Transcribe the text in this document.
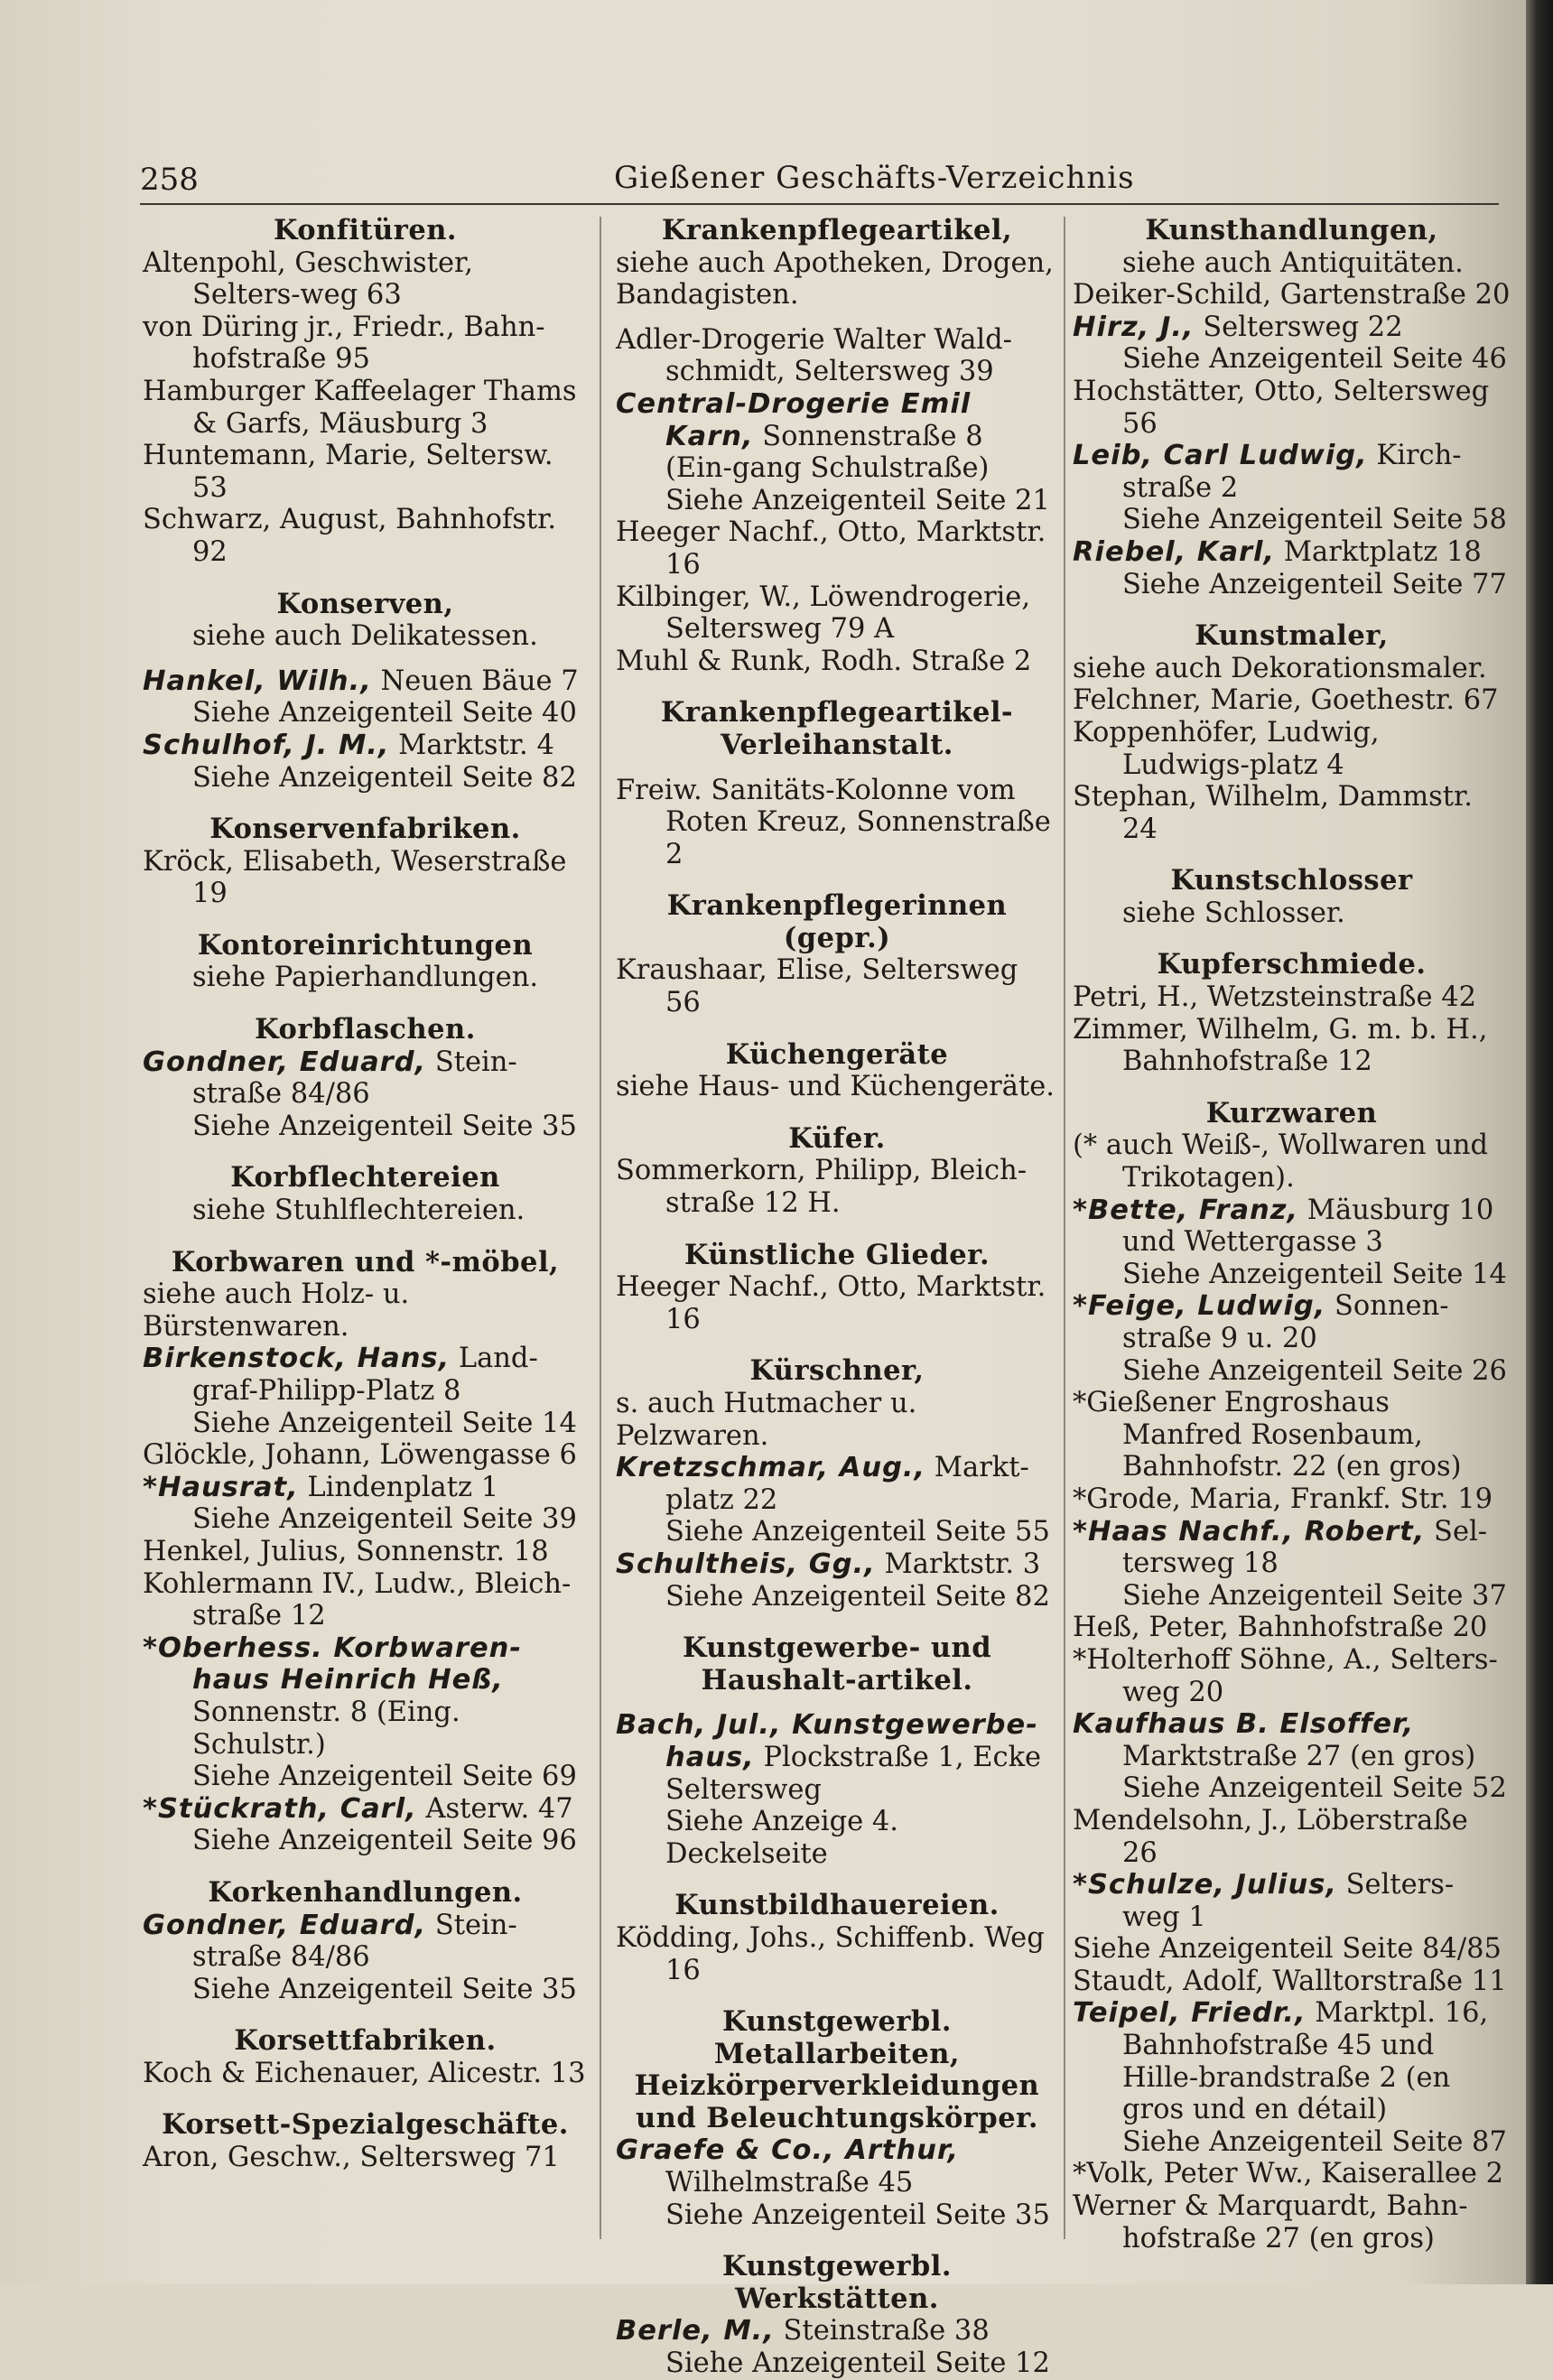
258	Gießener Geschäfts-Verzeichnis
Konfitüren.
Altenpohl, Geschwister, Selters-weg 63
von Düring jr., Friedr., Bahn-hofstraße 95
Hamburger Kaffeelager Thams & Garfs, Mäusburg 3
Huntemann, Marie, Seltersw. 53
Schwarz, August, Bahnhofstr. 92
Konserven,
siehe auch Delikatessen.
Hankel, Wilh., Neuen Bäue 7
Siehe Anzeigenteil Seite 40
Schulhof, J. M., Marktstr. 4
Siehe Anzeigenteil Seite 82
Konservenfabriken.
Kröck, Elisabeth, Weserstraße 19
Kontoreinrichtungen
siehe Papierhandlungen.
Korbflaschen.
Gondner, Eduard, Stein-straße 84/86
Siehe Anzeigenteil Seite 35
Korbflechtereien
siehe Stuhlflechtereien.
Korbwaren und *-möbel,
siehe auch Holz- u. Bürstenwaren.
Birkenstock, Hans, Land-graf-Philipp-Platz 8
Siehe Anzeigenteil Seite 14
Glöckle, Johann, Löwengasse 6
*Hausrat, Lindenplatz 1
Siehe Anzeigenteil Seite 39
Henkel, Julius, Sonnenstr. 18
Kohlermann IV., Ludw., Bleich-straße 12
*Oberhess. Korbwaren-haus Heinrich Heß, Sonnenstr. 8 (Eing. Schulstr.)
Siehe Anzeigenteil Seite 69
*Stückrath, Carl, Asterw. 47
Siehe Anzeigenteil Seite 96
Korkenhandlungen.
Gondner, Eduard, Stein-straße 84/86
Siehe Anzeigenteil Seite 35
Korsettfabriken.
Koch & Eichenauer, Alicestr. 13
Korsett-Spezialgeschäfte.
Aron, Geschw., Seltersweg 71
Krankenpflegeartikel,
siehe auch Apotheken, Drogen, Bandagisten.
Adler-Drogerie Walter Wald-schmidt, Seltersweg 39
Central-Drogerie Emil Karn, Sonnenstraße 8 (Ein-gang Schulstraße)
Siehe Anzeigenteil Seite 21
Heeger Nachf., Otto, Marktstr. 16
Kilbinger, W., Löwendrogerie, Seltersweg 79 A
Muhl & Runk, Rodh. Straße 2
Krankenpflegeartikel-Verleihanstalt.
Freiw. Sanitäts-Kolonne vom Roten Kreuz, Sonnenstraße 2
Krankenpflegerinnen (gepr.)
Kraushaar, Elise, Seltersweg 56
Küchengeräte
siehe Haus- und Küchengeräte.
Küfer.
Sommerkorn, Philipp, Bleich-straße 12 H.
Künstliche Glieder.
Heeger Nachf., Otto, Marktstr. 16
Kürschner,
s. auch Hutmacher u. Pelzwaren.
Kretzschmar, Aug., Markt-platz 22
Siehe Anzeigenteil Seite 55
Schultheis, Gg., Marktstr. 3
Siehe Anzeigenteil Seite 82
Kunstgewerbe- und Haushalt-artikel.
Bach, Jul., Kunstgewerbe-haus, Plockstraße 1, Ecke Seltersweg
Siehe Anzeige 4. Deckelseite
Kunstbildhauereien.
Ködding, Johs., Schiffenb. Weg 16
Kunstgewerbl. Metallarbeiten, Heizkörperverkleidungen und Beleuchtungskörper.
Graefe & Co., Arthur, Wilhelmstraße 45
Siehe Anzeigenteil Seite 35
Kunstgewerbl. Werkstätten.
Berle, M., Steinstraße 38
Siehe Anzeigenteil Seite 12
Kunsthandlungen,
siehe auch Antiquitäten.
Deiker-Schild, Gartenstraße 20
Hirz, J., Seltersweg 22
Siehe Anzeigenteil Seite 46
Hochstätter, Otto, Seltersweg 56
Leib, Carl Ludwig, Kirch-straße 2
Siehe Anzeigenteil Seite 58
Riebel, Karl, Marktplatz 18
Siehe Anzeigenteil Seite 77
Kunstmaler,
siehe auch Dekorationsmaler.
Felchner, Marie, Goethestr. 67
Koppenhöfer, Ludwig, Ludwigs-platz 4
Stephan, Wilhelm, Dammstr. 24
Kunstschlosser
siehe Schlosser.
Kupferschmiede.
Petri, H., Wetzsteinstraße 42
Zimmer, Wilhelm, G. m. b. H., Bahnhofstraße 12
Kurzwaren
(* auch Weiß-, Wollwaren und Trikotagen).
*Bette, Franz, Mäusburg 10 und Wettergasse 3
Siehe Anzeigenteil Seite 14
*Feige, Ludwig, Sonnen-straße 9 u. 20
Siehe Anzeigenteil Seite 26
*Gießener Engroshaus Manfred Rosenbaum, Bahnhofstr. 22 (en gros)
*Grode, Maria, Frankf. Str. 19
*Haas Nachf., Robert, Sel-tersweg 18
Siehe Anzeigenteil Seite 37
Heß, Peter, Bahnhofstraße 20
*Holterhoff Söhne, A., Selters-weg 20
Kaufhaus B. Elsoffer, Marktstraße 27 (en gros)
Siehe Anzeigenteil Seite 52
Mendelsohn, J., Löberstraße 26
*Schulze, Julius, Selters-weg 1
Siehe Anzeigenteil Seite 84/85
Staudt, Adolf, Walltorstraße 11
Teipel, Friedr., Marktpl. 16, Bahnhofstraße 45 und Hille-brandstraße 2 (en gros und en détail)
Siehe Anzeigenteil Seite 87
*Volk, Peter Ww., Kaiserallee 2
Werner & Marquardt, Bahn-hofstraße 27 (en gros)
